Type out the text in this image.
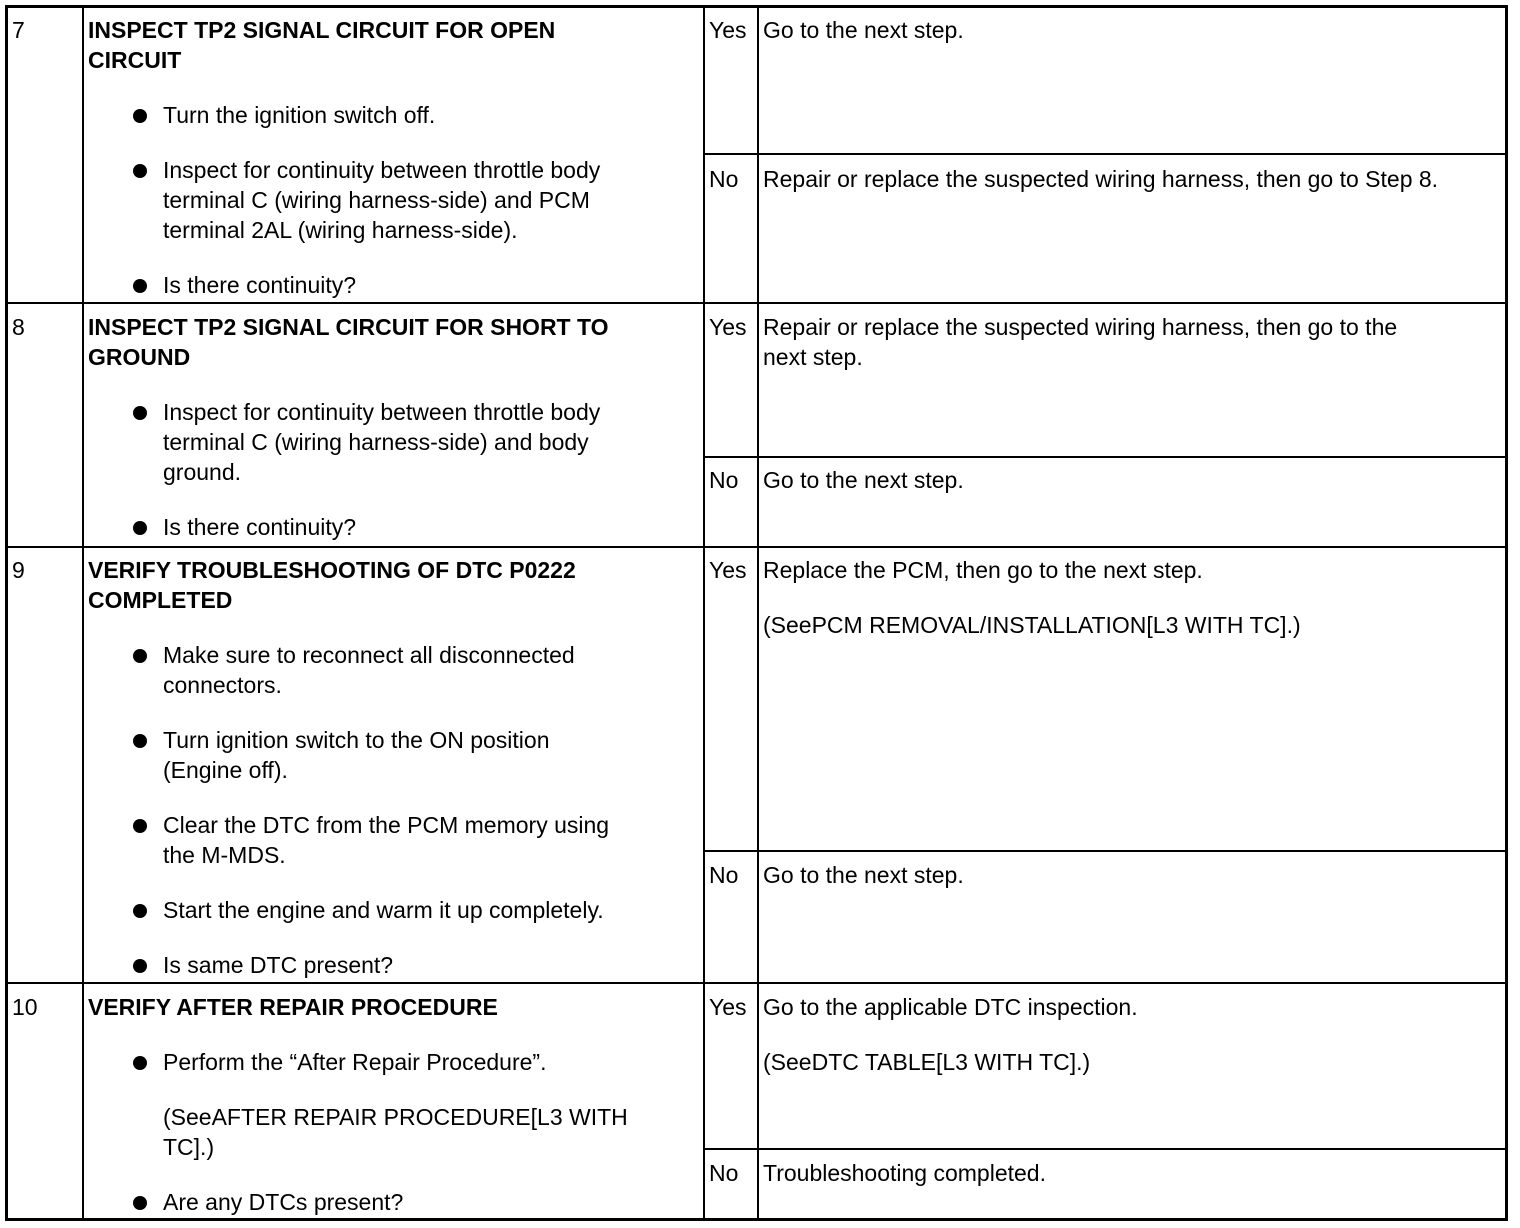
7	INSPECT TP2 SIGNAL CIRCUIT FOR OPEN
CIRCUIT
Turn the ignition switch off.
Inspect for continuity between throttle body
terminal C (wiring harness-side) and PCM
terminal 2AL (wiring harness-side).
Is there continuity?
Yes Go to the next step.
No Repair or replace the suspected wiring harness, then go to Step 8.
8	INSPECT TP2 SIGNAL CIRCUIT FOR SHORT TO
GROUND
Inspect for continuity between throttle body
terminal C (wiring harness-side) and body
ground.
Is there continuity?
Yes Repair or replace the suspected wiring harness, then go to the
next step.
No Go to the next step.
9	VERIFY TROUBLESHOOTING OF DTC P0222
COMPLETED
Make sure to reconnect all disconnected
connectors.
Turn ignition switch to the ON position
(Engine off).
Clear the DTC from the PCM memory using
the M-MDS.
Start the engine and warm it up completely.
Is same DTC present?
Yes Replace the PCM, then go to the next step.
(SeePCM REMOVAL/INSTALLATION[L3 WITH TC].)
No Go to the next step.
10 VERIFY AFTER REPAIR PROCEDURE
Perform the “After Repair Procedure”.
(SeeAFTER REPAIR PROCEDURE[L3 WITH
TC].)
Are any DTCs present?
Yes Go to the applicable DTC inspection.
(SeeDTC TABLE[L3 WITH TC].)
No Troubleshooting completed.
